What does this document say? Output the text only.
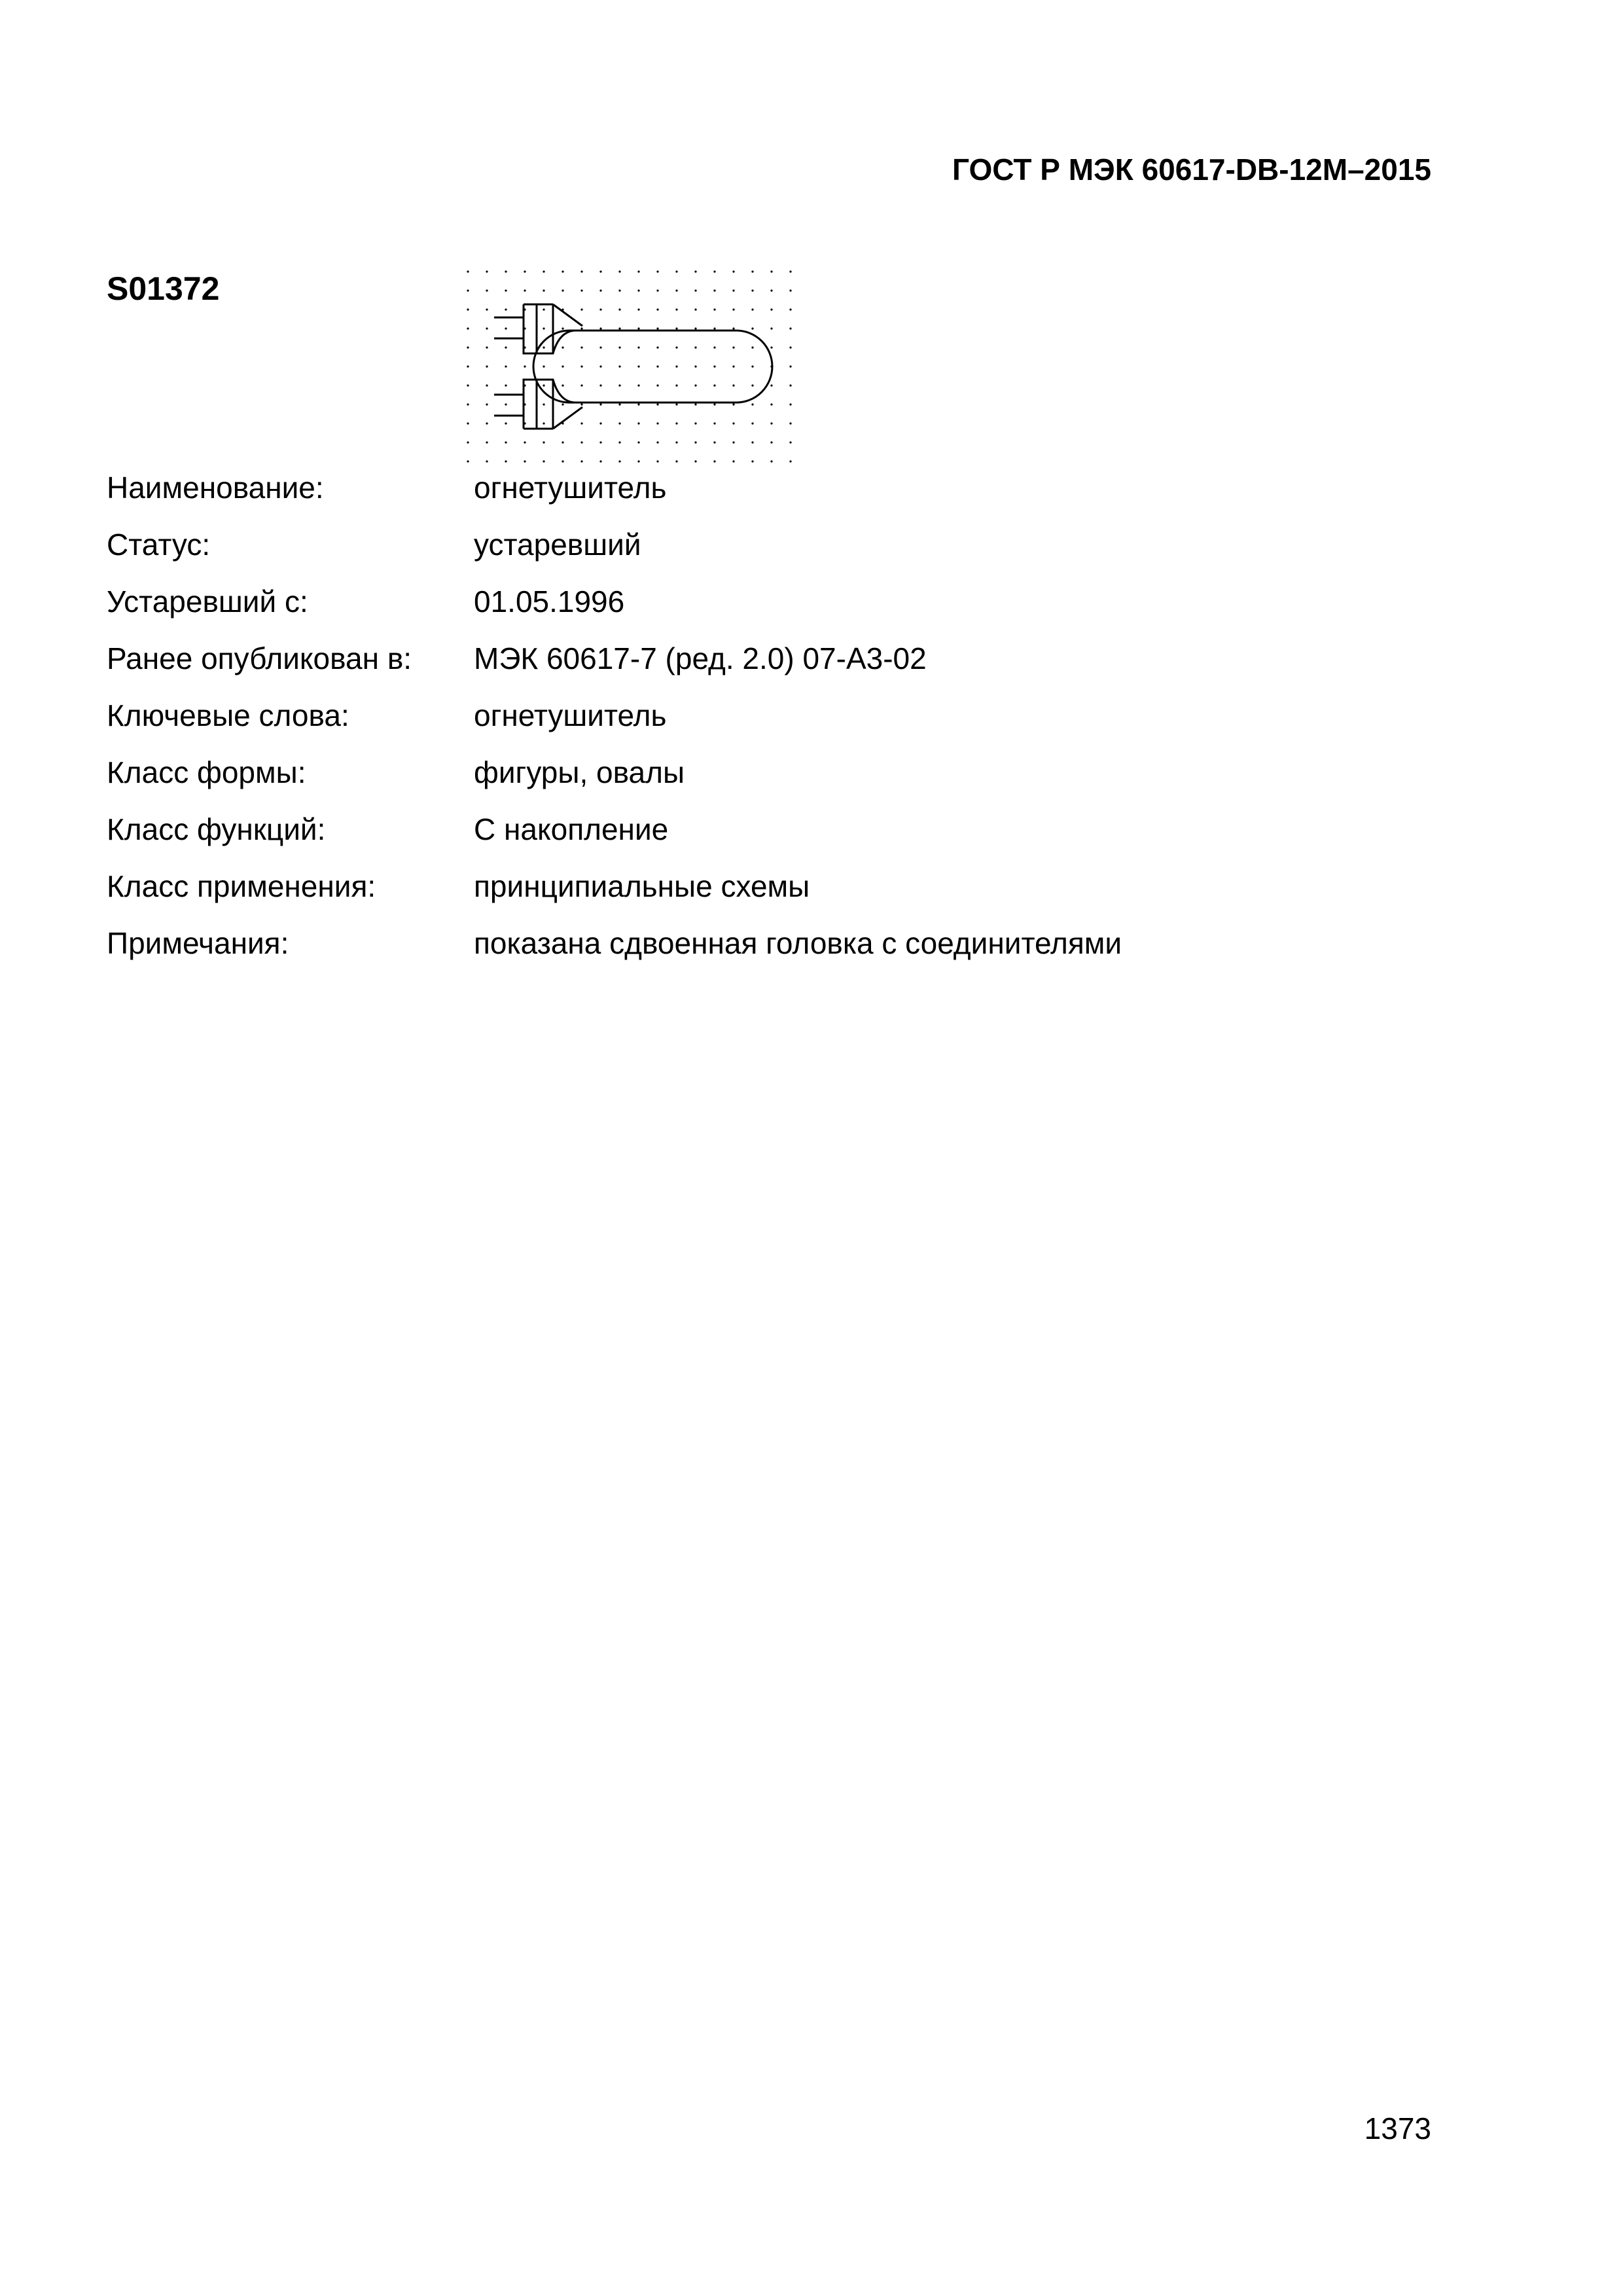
ГОСТ Р МЭК 60617-DB-12M–2015
S01372
Наименование:	огнетушитель
Статус:	устаревший
Устаревший с:	01.05.1996
Ранее опубликован в: МЭК 60617-7 (ред. 2.0) 07-A3-02
Ключевые слова:	огнетушитель
Класс формы:	фигуры, овалы
Класс функций:	С накопление
Класс применения:	принципиальные схемы
Примечания:	показана сдвоенная головка с соединителями
1373
